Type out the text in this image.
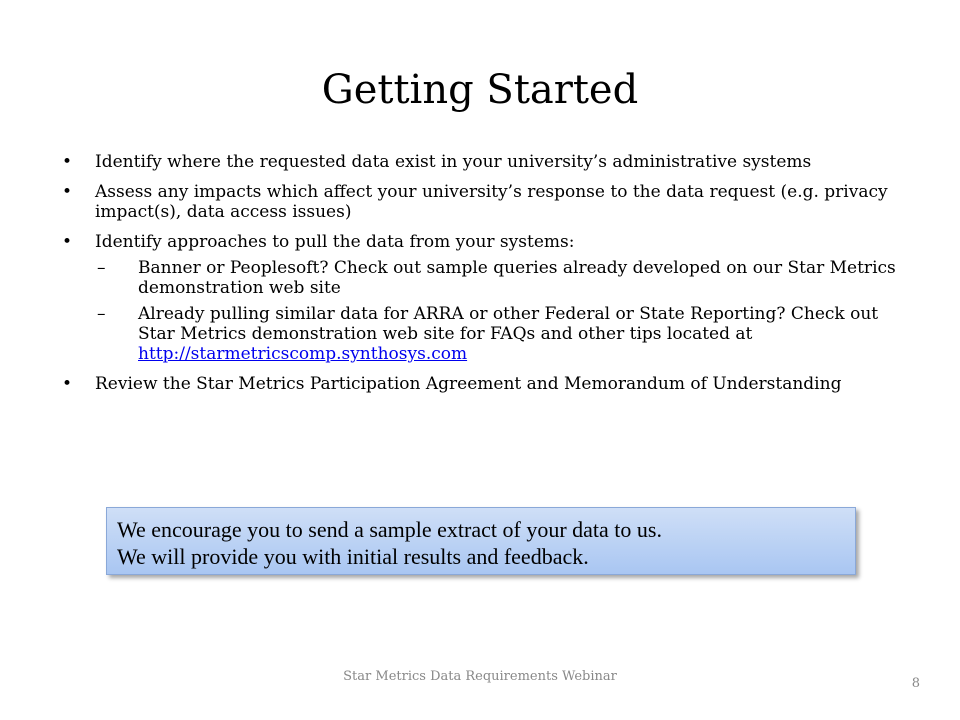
Getting Started
• Identify where the requested data exist in your university’s administrative systems
• Assess any impacts which affect your university’s response to the data request (e.g. privacy impact(s), data access issues)
• Identify approaches to pull the data from your systems:
– Banner or Peoplesoft? Check out sample queries already developed on our Star Metrics demonstration web site
– Already pulling similar data for ARRA or other Federal or State Reporting? Check out Star Metrics demonstration web site for FAQs and other tips located at http://starmetricscomp.synthosys.com
• Review the Star Metrics Participation Agreement and Memorandum of Understanding

We encourage you to send a sample extract of your data to us.

We will provide you with initial results and feedback.

Star Metrics Data Requirements Webinar	8
